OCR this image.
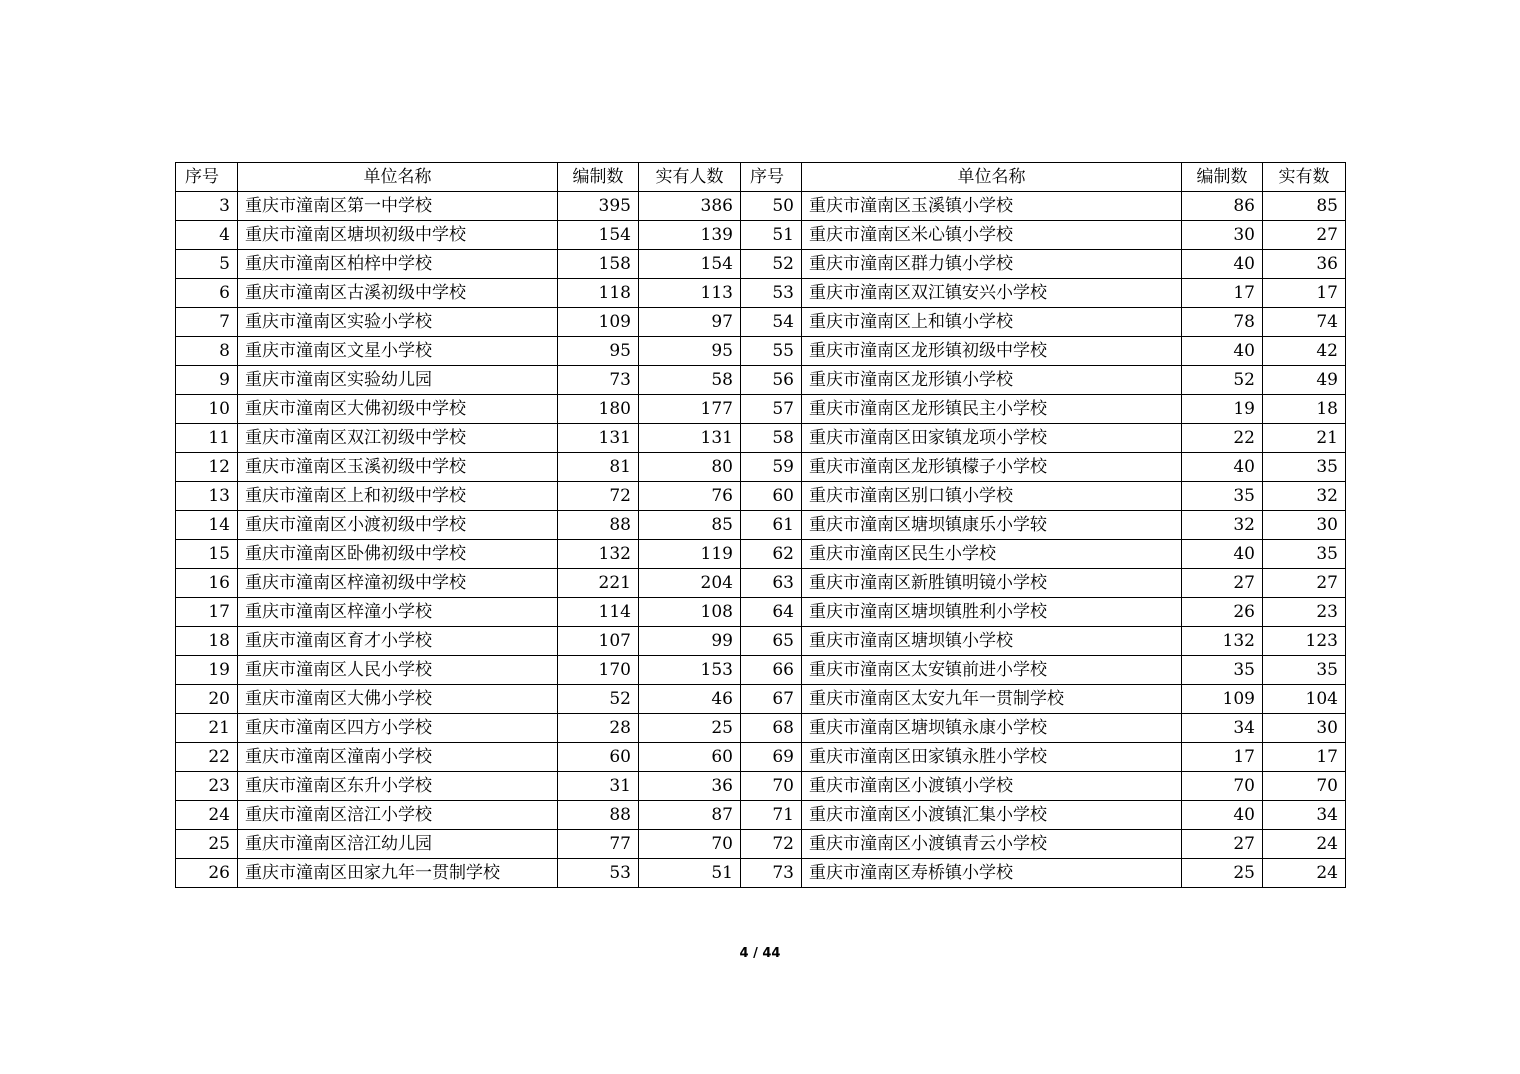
序号	单位名称	编制数	实有人数	序号	单位名称	编制数	实有数
3	重庆市潼南区第一中学校	395	386	50	重庆市潼南区玉溪镇小学校	86	85
4	重庆市潼南区塘坝初级中学校	154	139	51	重庆市潼南区米心镇小学校	30	27
5	重庆市潼南区柏梓中学校	158	154	52	重庆市潼南区群力镇小学校	40	36
6	重庆市潼南区古溪初级中学校	118	113	53	重庆市潼南区双江镇安兴小学校	17	17
7	重庆市潼南区实验小学校	109	97	54	重庆市潼南区上和镇小学校	78	74
8	重庆市潼南区文星小学校	95	95	55	重庆市潼南区龙形镇初级中学校	40	42
9	重庆市潼南区实验幼儿园	73	58	56	重庆市潼南区龙形镇小学校	52	49
10	重庆市潼南区大佛初级中学校	180	177	57	重庆市潼南区龙形镇民主小学校	19	18
11	重庆市潼南区双江初级中学校	131	131	58	重庆市潼南区田家镇龙项小学校	22	21
12	重庆市潼南区玉溪初级中学校	81	80	59	重庆市潼南区龙形镇檬子小学校	40	35
13	重庆市潼南区上和初级中学校	72	76	60	重庆市潼南区别口镇小学校	35	32
14	重庆市潼南区小渡初级中学校	88	85	61	重庆市潼南区塘坝镇康乐小学较	32	30
15	重庆市潼南区卧佛初级中学校	132	119	62	重庆市潼南区民生小学校	40	35
16	重庆市潼南区梓潼初级中学校	221	204	63	重庆市潼南区新胜镇明镜小学校	27	27
17	重庆市潼南区梓潼小学校	114	108	64	重庆市潼南区塘坝镇胜利小学校	26	23
18	重庆市潼南区育才小学校	107	99	65	重庆市潼南区塘坝镇小学校	132	123
19	重庆市潼南区人民小学校	170	153	66	重庆市潼南区太安镇前进小学校	35	35
20	重庆市潼南区大佛小学校	52	46	67	重庆市潼南区太安九年一贯制学校	109	104
21	重庆市潼南区四方小学校	28	25	68	重庆市潼南区塘坝镇永康小学校	34	30
22	重庆市潼南区潼南小学校	60	60	69	重庆市潼南区田家镇永胜小学校	17	17
23	重庆市潼南区东升小学校	31	36	70	重庆市潼南区小渡镇小学校	70	70
24	重庆市潼南区涪江小学校	88	87	71	重庆市潼南区小渡镇汇集小学校	40	34
25	重庆市潼南区涪江幼儿园	77	70	72	重庆市潼南区小渡镇青云小学校	27	24
26	重庆市潼南区田家九年一贯制学校	53	51	73	重庆市潼南区寿桥镇小学校	25	24
4 / 44
